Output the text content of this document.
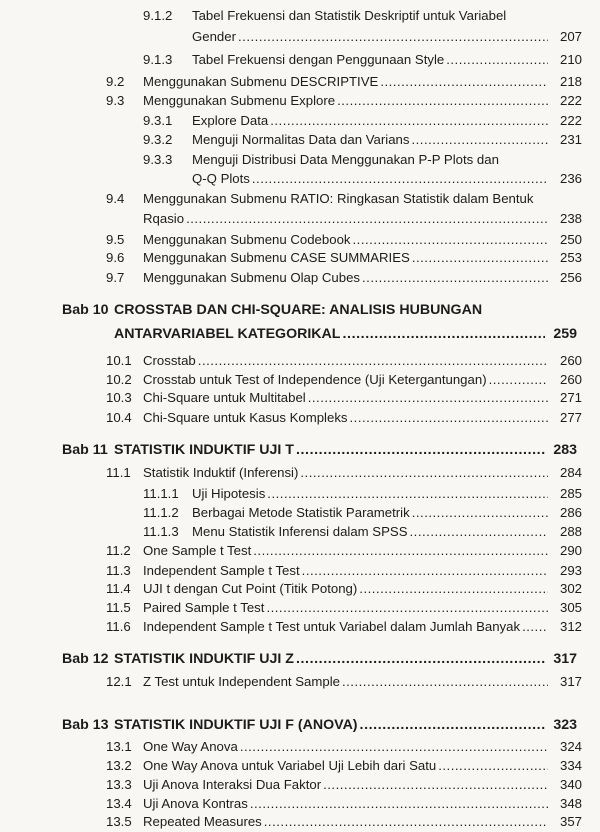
9.1.2 Tabel Frekuensi dan Statistik Deskriptif untuk Variabel
Gender	207
.....
9.1.3 Tabel Frekuensi dengan Penggunaan Style	210
.....
9.2 Menggunakan Submenu DESCRIPTIVE	218
.....
9.3 Menggunakan Submenu Explore	222
.....
9.3.1 Explore Data	222
.....
9.3.2 Menguji Normalitas Data dan Varians	231
.....
9.3.3 Menguji Distribusi Data Menggunakan P-P Plots dan
Q-Q Plots	236
.....
9.4 Menggunakan Submenu RATIO: Ringkasan Statistik dalam Bentuk
Rqasio	238
.....
9.5 Menggunakan Submenu Codebook	250
.....
9.6 Menggunakan Submenu CASE SUMMARIES	253
.....
9.7 Menggunakan Submenu Olap Cubes	256
.....
Bab 10 CROSSTAB DAN CHI-SQUARE: ANALISIS HUBUNGAN
ANTARVARIABEL KATEGORIKAL	259
.....
10.1 Crosstab	260
.....
10.2 Crosstab untuk Test of Independence (Uji Ketergantungan)	260
.....
10.3 Chi-Square untuk Multitabel	271
.....
10.4 Chi-Square untuk Kasus Kompleks	277
.....
Bab 11 STATISTIK INDUKTIF UJI T	283
.....
11.1 Statistik Induktif (Inferensi)	284
.....
11.1.1 Uji Hipotesis	285
.....
11.1.2 Berbagai Metode Statistik Parametrik	286
.....
11.1.3 Menu Statistik Inferensi dalam SPSS	288
.....
11.2 One Sample t Test	290
.....
11.3 Independent Sample t Test	293
.....
11.4 UJI t dengan Cut Point (Titik Potong)	302
.....
11.5 Paired Sample t Test	305
.....
11.6 Independent Sample t Test untuk Variabel dalam Jumlah Banyak	312
.....
Bab 12 STATISTIK INDUKTIF UJI Z	317
.....
12.1 Z Test untuk Independent Sample	317
.....
Bab 13 STATISTIK INDUKTIF UJI F (ANOVA)	323
.....
13.1 One Way Anova	324
.....
13.2 One Way Anova untuk Variabel Uji Lebih dari Satu	334
.....
13.3 Uji Anova Interaksi Dua Faktor	340
.....
13.4 Uji Anova Kontras	348
.....
13.5 Repeated Measures	357
.....
